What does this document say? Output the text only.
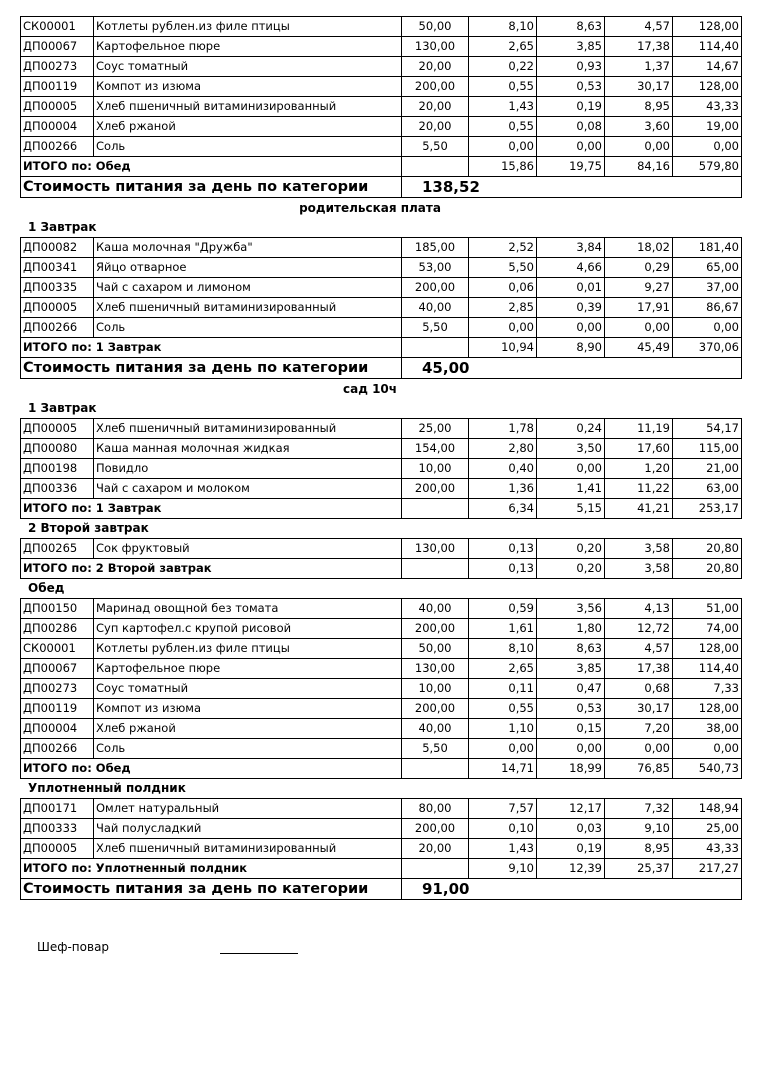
СК00001	Котлеты рублен.из филе птицы	50,00	8,10	8,63	4,57	128,00
ДП00067	Картофельное пюре	130,00	2,65	3,85	17,38	114,40
ДП00273	Соус томатный	20,00	0,22	0,93	1,37	14,67
ДП00119	Компот из изюма	200,00	0,55	0,53	30,17	128,00
ДП00005	Хлеб пшеничный витаминизированный	20,00	1,43	0,19	8,95	43,33
ДП00004	Хлеб ржаной	20,00	0,55	0,08	3,60	19,00
ДП00266	Соль	5,50	0,00	0,00	0,00	0,00
ИТОГО по: Обед			15,86	19,75	84,16	579,80
Стоимость питания за день по категории		138,52				
родительская плата
1 Завтрак
ДП00082	Каша молочная "Дружба"	185,00	2,52	3,84	18,02	181,40
ДП00341	Яйцо отварное	53,00	5,50	4,66	0,29	65,00
ДП00335	Чай с сахаром и лимоном	200,00	0,06	0,01	9,27	37,00
ДП00005	Хлеб пшеничный витаминизированный	40,00	2,85	0,39	17,91	86,67
ДП00266	Соль	5,50	0,00	0,00	0,00	0,00
ИТОГО по: 1 Завтрак			10,94	8,90	45,49	370,06
Стоимость питания за день по категории		45,00				
сад 10ч
1 Завтрак
ДП00005	Хлеб пшеничный витаминизированный	25,00	1,78	0,24	11,19	54,17
ДП00080	Каша манная молочная жидкая	154,00	2,80	3,50	17,60	115,00
ДП00198	Повидло	10,00	0,40	0,00	1,20	21,00
ДП00336	Чай с сахаром и молоком	200,00	1,36	1,41	11,22	63,00
ИТОГО по: 1 Завтрак			6,34	5,15	41,21	253,17
2 Второй завтрак
ДП00265	Сок фруктовый	130,00	0,13	0,20	3,58	20,80
ИТОГО по: 2 Второй завтрак			0,13	0,20	3,58	20,80
Обед
ДП00150	Маринад овощной без томата	40,00	0,59	3,56	4,13	51,00
ДП00286	Суп картофел.с крупой рисовой	200,00	1,61	1,80	12,72	74,00
СК00001	Котлеты рублен.из филе птицы	50,00	8,10	8,63	4,57	128,00
ДП00067	Картофельное пюре	130,00	2,65	3,85	17,38	114,40
ДП00273	Соус томатный	10,00	0,11	0,47	0,68	7,33
ДП00119	Компот из изюма	200,00	0,55	0,53	30,17	128,00
ДП00004	Хлеб ржаной	40,00	1,10	0,15	7,20	38,00
ДП00266	Соль	5,50	0,00	0,00	0,00	0,00
ИТОГО по: Обед			14,71	18,99	76,85	540,73
Уплотненный полдник
ДП00171	Омлет натуральный	80,00	7,57	12,17	7,32	148,94
ДП00333	Чай полусладкий	200,00	0,10	0,03	9,10	25,00
ДП00005	Хлеб пшеничный витаминизированный	20,00	1,43	0,19	8,95	43,33
ИТОГО по: Уплотненный полдник			9,10	12,39	25,37	217,27
Стоимость питания за день по категории		91,00				
Шеф-повар
